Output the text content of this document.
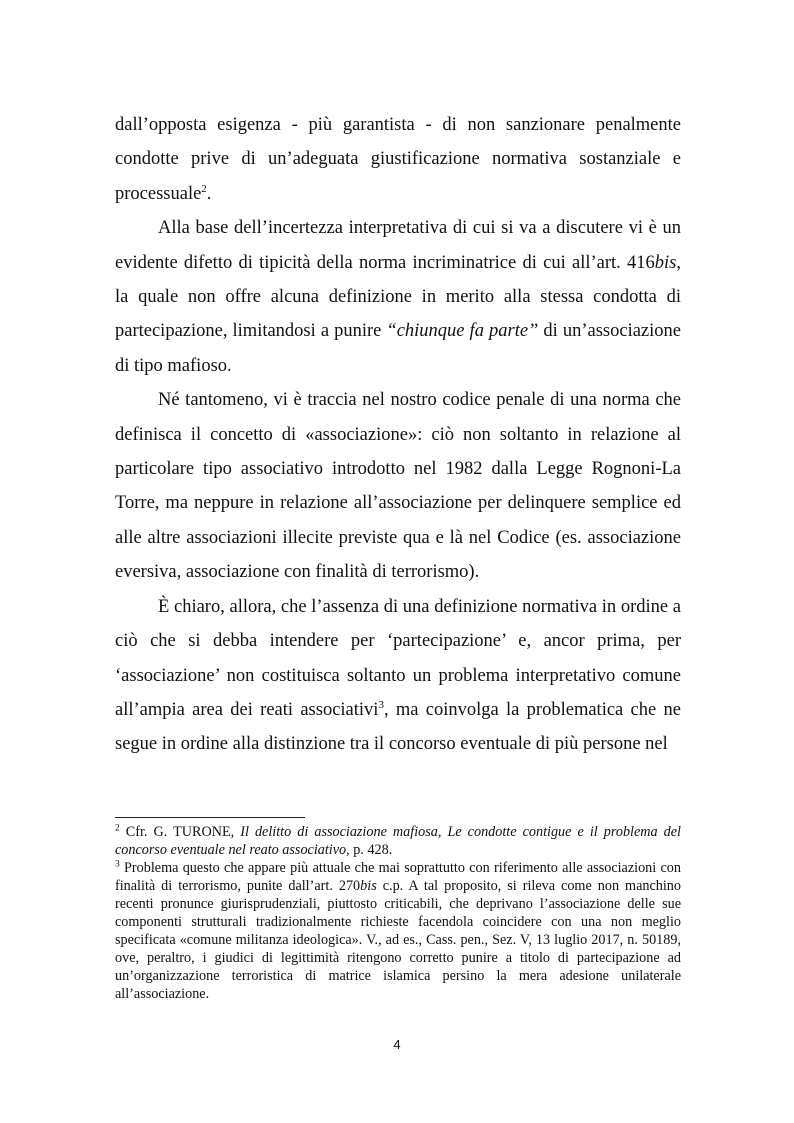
dall’opposta esigenza - più garantista - di non sanzionare penalmente condotte prive di un’adeguata giustificazione normativa sostanziale e processuale$^2$.

Alla base dell’incertezza interpretativa di cui si va a discutere vi è un evidente difetto di tipicità della norma incriminatrice di cui all’art. 416bis, la quale non offre alcuna definizione in merito alla stessa condotta di partecipazione, limitandosi a punire “chiunque fa parte” di un’associazione di tipo mafioso.

Né tantomeno, vi è traccia nel nostro codice penale di una norma che definisca il concetto di «associazione»: ciò non soltanto in relazione al particolare tipo associativo introdotto nel 1982 dalla Legge Rognoni-La Torre, ma neppure in relazione all’associazione per delinquere semplice ed alle altre associazioni illecite previste qua e là nel Codice (es. associazione eversiva, associazione con finalità di terrorismo).

È chiaro, allora, che l’assenza di una definizione normativa in ordine a ciò che si debba intendere per ‘partecipazione’ e, ancor prima, per ‘associazione’ non costituisca soltanto un problema interpretativo comune all’ampia area dei reati associativi$^3$, ma coinvolga la problematica che ne segue in ordine alla distinzione tra il concorso eventuale di più persone nel

$^2$ Cfr. G. TURONE, Il delitto di associazione mafiosa, Le condotte contigue e il problema del concorso eventuale nel reato associativo, p. 428.

$^3$ Problema questo che appare più attuale che mai soprattutto con riferimento alle associazioni con finalità di terrorismo, punite dall’art. 270bis c.p. A tal proposito, si rileva come non manchino recenti pronunce giurisprudenziali, piuttosto criticabili, che deprivano l’associazione delle sue componenti strutturali tradizionalmente richieste facendola coincidere con una non meglio specificata «comune militanza ideologica». V., ad es., Cass. pen., Sez. V, 13 luglio 2017, n. 50189, ove, peraltro, i giudici di legittimità ritengono corretto punire a titolo di partecipazione ad un’organizzazione terroristica di matrice islamica persino la mera adesione unilaterale all’associazione.

4
